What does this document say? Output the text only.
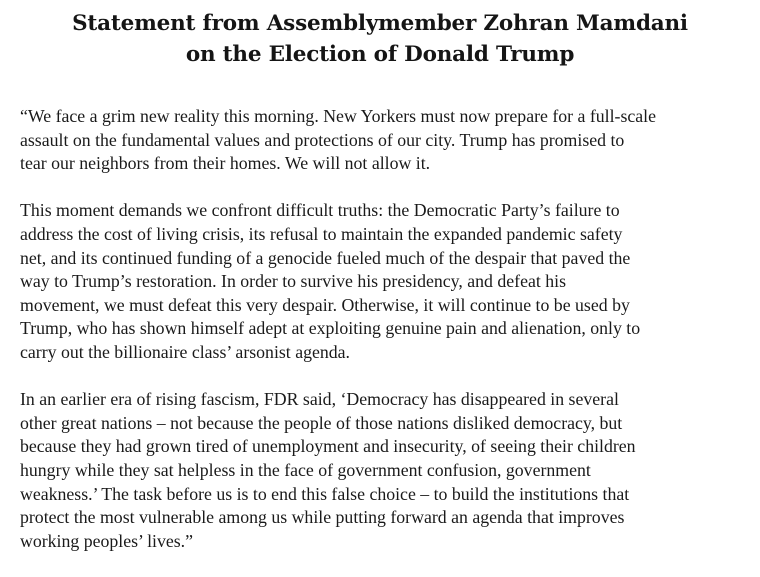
Statement from Assemblymember Zohran Mamdani
on the Election of Donald Trump

“We face a grim new reality this morning. New Yorkers must now prepare for a full-scale
assault on the fundamental values and protections of our city. Trump has promised to
tear our neighbors from their homes. We will not allow it.

This moment demands we confront difficult truths: the Democratic Party’s failure to
address the cost of living crisis, its refusal to maintain the expanded pandemic safety
net, and its continued funding of a genocide fueled much of the despair that paved the
way to Trump’s restoration. In order to survive his presidency, and defeat his
movement, we must defeat this very despair. Otherwise, it will continue to be used by
Trump, who has shown himself adept at exploiting genuine pain and alienation, only to
carry out the billionaire class’ arsonist agenda.

In an earlier era of rising fascism, FDR said, ‘Democracy has disappeared in several
other great nations – not because the people of those nations disliked democracy, but
because they had grown tired of unemployment and insecurity, of seeing their children
hungry while they sat helpless in the face of government confusion, government
weakness.’ The task before us is to end this false choice – to build the institutions that
protect the most vulnerable among us while putting forward an agenda that improves
working peoples’ lives.”
